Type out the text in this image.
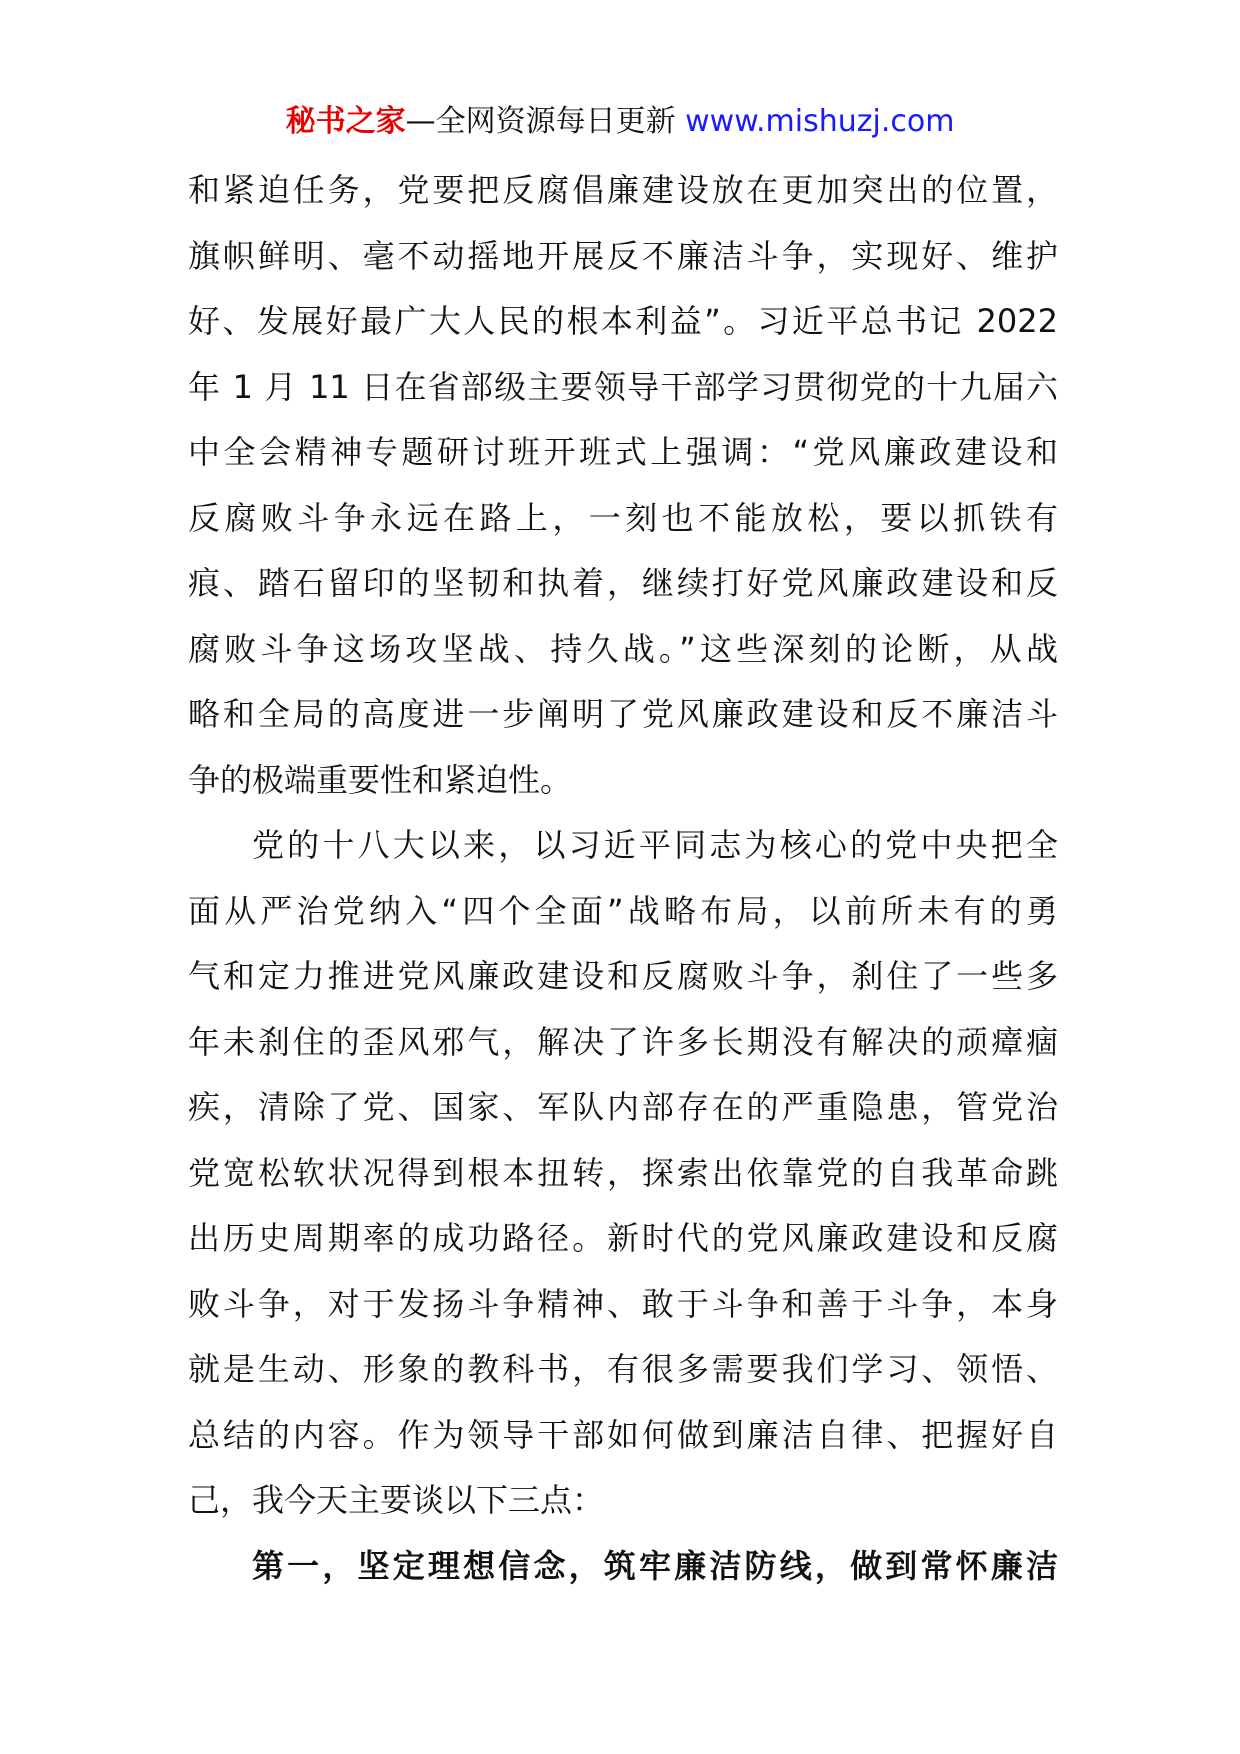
秘书之家—全网资源每日更新 www.mishuzj.com
和紧迫任务，党要把反腐倡廉建设放在更加突出的位置，
旗帜鲜明、毫不动摇地开展反不廉洁斗争，实现好、维护
好、发展好最广大人民的根本利益”。习近平总书记 2022
年 1 月 11 日在省部级主要领导干部学习贯彻党的十九届六
中全会精神专题研讨班开班式上强调：“党风廉政建设和
反腐败斗争永远在路上，一刻也不能放松，要以抓铁有
痕、踏石留印的坚韧和执着，继续打好党风廉政建设和反
腐败斗争这场攻坚战、持久战。”这些深刻的论断，从战
略和全局的高度进一步阐明了党风廉政建设和反不廉洁斗
争的极端重要性和紧迫性。
党的十八大以来，以习近平同志为核心的党中央把全
面从严治党纳入“四个全面”战略布局，以前所未有的勇
气和定力推进党风廉政建设和反腐败斗争，刹住了一些多
年未刹住的歪风邪气，解决了许多长期没有解决的顽瘴痼
疾，清除了党、国家、军队内部存在的严重隐患，管党治
党宽松软状况得到根本扭转，探索出依靠党的自我革命跳
出历史周期率的成功路径。新时代的党风廉政建设和反腐
败斗争，对于发扬斗争精神、敢于斗争和善于斗争，本身
就是生动、形象的教科书，有很多需要我们学习、领悟、
总结的内容。作为领导干部如何做到廉洁自律、把握好自
己，我今天主要谈以下三点：
第一，坚定理想信念，筑牢廉洁防线，做到常怀廉洁
